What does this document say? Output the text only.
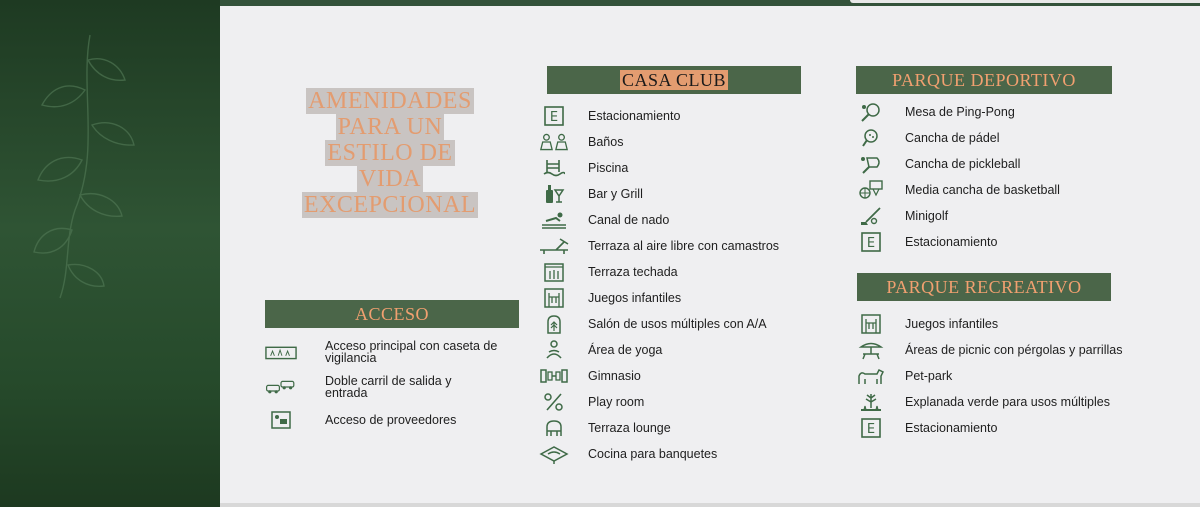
AMENIDADES
PARA UN
ESTILO DE
VIDA
EXCEPCIONAL
ACCESO
Acceso principal con caseta de vigilancia
Doble carril de salida y entrada
Acceso de proveedores
CASA CLUB
E Estacionamiento
Baños
Piscina
Bar y Grill
Canal de nado
Terraza al aire libre con camastros
Terraza techada
Juegos infantiles
Salón de usos múltiples con A/A
Área de yoga
Gimnasio
Play room
Terraza lounge
Cocina para banquetes
PARQUE DEPORTIVO
Mesa de Ping-Pong
Cancha de pádel
Cancha de pickleball
Media cancha de basketball
Minigolf
E Estacionamiento
PARQUE RECREATIVO
Juegos infantiles
Áreas de picnic con pérgolas y parrillas
Pet-park
Explanada verde para usos múltiples
E Estacionamiento
